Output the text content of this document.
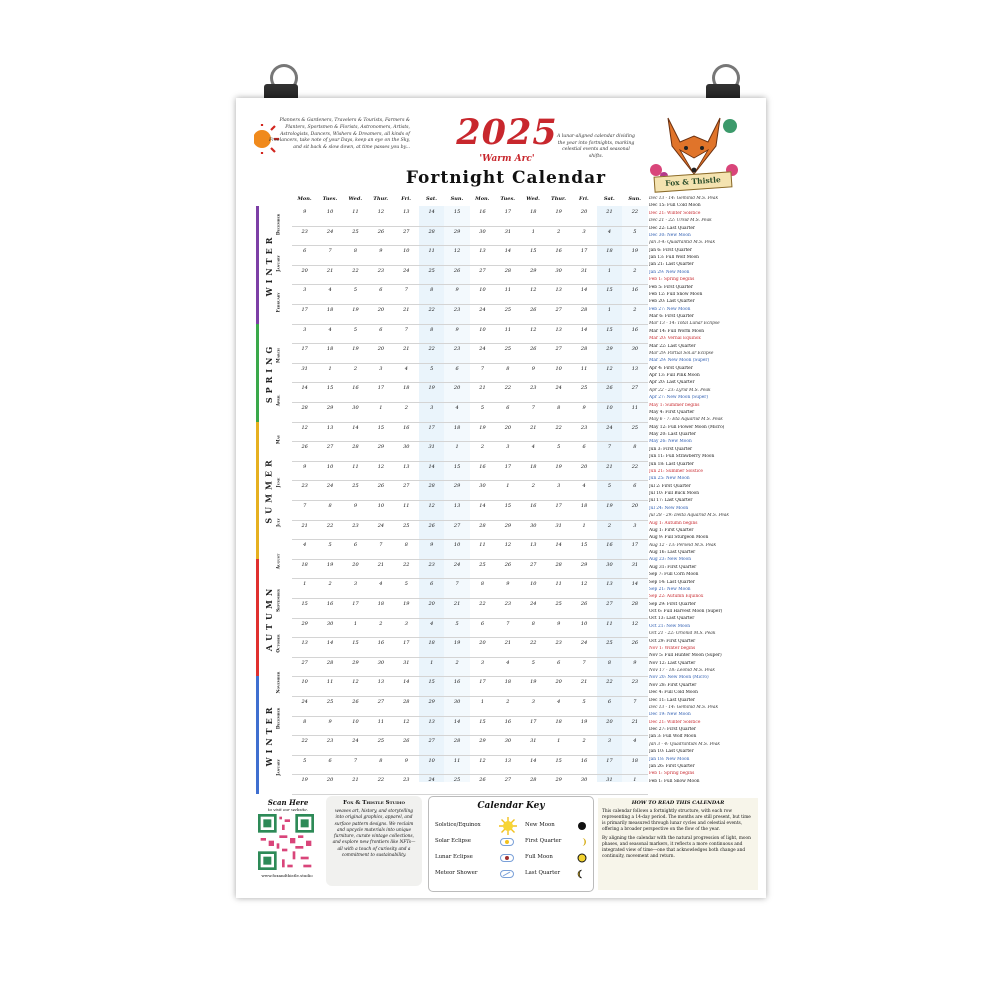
Planners & Gardeners, Travelers & Tourists, Farmers & Planters, Sportsmen & Florists, Astronomers, Artists, Astrologists, Dancers, Wishers & Dreamers, all kinds of Freelancers, take note of your Days, keep an eye on the Sky, and sit back & slow down, at time passes you by...	2025 A lunar-aligned calendar dividing the year into fortnights, marking celestial events and seasonal shifts.
'Warm Arc'
Fortnight Calendar	Fox & Thistle
WINTER
SPRING
SUMMER
AUTUMN
WINTER
December
January
February
March
April
May
June
July
August
September
October
November
December
January
Mon.	Tues.	Wed.	Thur.	Fri.	Sat.	Sun.	Mon.	Tues.	Wed.	Thur.	Fri.	Sat.	Sun.
9	10	11	12	13	14	15	16	17	18	19	20	21	22
23	24	25	26	27	28	29	30	31	1	2	3	4	5
6	7	8	9	10	11	12	13	14	15	16	17	18	19
20	21	22	23	24	25	26	27	28	29	30	31	1	2
3	4	5	6	7	8	9	10	11	12	13	14	15	16
17	18	19	20	21	22	23	24	25	26	27	28	1	2
3	4	5	6	7	8	9	10	11	12	13	14	15	16
17	18	19	20	21	22	23	24	25	26	27	28	29	30
31	1	2	3	4	5	6	7	8	9	10	11	12	13
14	15	16	17	18	19	20	21	22	23	24	25	26	27
28	29	30	1	2	3	4	5	6	7	8	9	10	11
12	13	14	15	16	17	18	19	20	21	22	23	24	25
26	27	28	29	30	31	1	2	3	4	5	6	7	8
9	10	11	12	13	14	15	16	17	18	19	20	21	22
23	24	25	26	27	28	29	30	1	2	3	4	5	6
7	8	9	10	11	12	13	14	15	16	17	18	19	20
21	22	23	24	25	26	27	28	29	30	31	1	2	3
4	5	6	7	8	9	10	11	12	13	14	15	16	17
18	19	20	21	22	23	24	25	26	27	28	29	30	31
1	2	3	4	5	6	7	8	9	10	11	12	13	14
15	16	17	18	19	20	21	22	23	24	25	26	27	28
29	30	1	2	3	4	5	6	7	8	9	10	11	12
13	14	15	16	17	18	19	20	21	22	23	24	25	26
27	28	29	30	31	1	2	3	4	5	6	7	8	9
10	11	12	13	14	15	16	17	18	19	20	21	22	23
24	25	26	27	28	29	30	1	2	3	4	5	6	7
8	9	10	11	12	13	14	15	16	17	18	19	20	21
22	23	24	25	26	27	28	29	30	31	1	2	3	4
5	6	7	8	9	10	11	12	13	14	15	16	17	18
19	20	21	22	23	24	25	26	27	28	29	30	31	1
Dec 13 - 14: Geminid M.S. Peak
Dec 15: Full Cold Moon
Dec 21: Winter Solstice
Dec 21 - 22: Ursid M.S. Peak
Dec 22: Last Quarter
Dec 30: New Moon
Jan 3-4: Quadrantid M.S. Peak
Jan 6: First Quarter
Jan 13: Full Wolf Moon
Jan 21: Last Quarter
Jan 29: New Moon
Feb 1: Spring begins
Feb 5: First Quarter
Feb 12: Full Snow Moon
Feb 20: Last Quarter
Feb 27: New Moon
Mar 6: First Quarter
Mar 13 - 14: Total Lunar Eclipse
Mar 14: Full Worm Moon
Mar 20: Vernal Equinox
Mar 22: Last Quarter
Mar 29: Partial Sol.ar Eclipse
Mar 29: New Moon (Super)
Apr 4: First Quarter
Apr 13: Full Pink Moon
Apr 20: Last Quarter
Apr 22 - 23: Lyrid M.S. Peak
Apr 27: New Moon (Super)
May 1: Summer begins
May 4: First Quarter
May 6 - 7: Eta Aquariid M.S. Peak
May 12: Full Flower Moon (Micro)
May 20: Last Quarter
May 26: New Moon
Jun 3: First Quarter
Jun 11: Full Strawberry Moon
Jun 18: Last Quarter
Jun 21: Summer Solstice
Jun 25: New Moon
Jul 2: First Quarter
Jul 10: Full Buck Moon
Jul 17: Last Quarter
Jul 24: New Moon
Jul 28 - 29: Delta Aquariid M.S. Peak
Aug 1: Autumn begins
Aug 1: First Quarter
Aug 9: Full Sturgeon Moon
Aug 12 - 13: Perseid M.S. Peak
Aug 16: Last Quarter
Aug 23: New Moon
Aug 31: First Quarter
Sep 7: Full Corn Moon
Sep 14: Last Quarter
Sep 21: New Moon
Sep 22: Autumn Equinox
Sep 29: First Quarter
Oct 6: Full Harvest Moon (Super)
Oct 13: Last Quarter
Oct 21: New Moon
Oct 21 - 22: Orionid M.S. Peak
Oct 29: First Quarter
Nov 1: Winter begins
Nov 5: Full Hunter Moon (Super)
Nov 12: Last Quarter
Nov 17 - 18: Leonid M.S. Peak
Nov 20: New Moon (Micro)
Nov 28: First Quarter
Dec 4: Full Cold Moon
Dec 11: Last Quarter
Dec 13 - 14: Geminid M.S. Peak
Dec 19: New Moon
Dec 21: Winter Solstice
Dec 27: First Quarter
Jan 3: Full Wolf Moon
Jan 3 - 4: Quadrantids M.S. Peak
Jan 10: Last Quarter
Jan 18: New Moon
Jan 26: First Quarter
Feb 1: Spring begins
Feb 1: Full Snow Moon
Scan Here
to visit our website.
www.foxandthistle.studio
Fox & Thistle Studio
weaves art, history, and storytelling into original graphics, apparel, and surface pattern designs. We reclaim and upcycle materials into unique furniture, curate vintage collections, and explore new frontiers like NFTs—all with a touch of curiosity and a commitment to sustainability.
Calendar Key
Solstice/Equinox
Solar Eclipse
Lunar Eclipse
Meteor Shower
New Moon
First Quarter
Full Moon
Last Quarter
HOW TO READ THIS CALENDAR
This calendar follows a fortnightly structure, with each row representing a 14-day period. The months are still present, but time is primarily measured through lunar cycles and celestial events, offering a broader perspective on the flow of the year.
By aligning the calendar with the natural progression of light, moon phases, and seasonal markers, it reflects a more continuous and integrated view of time—one that acknowledges both change and continuity, movement and return.
